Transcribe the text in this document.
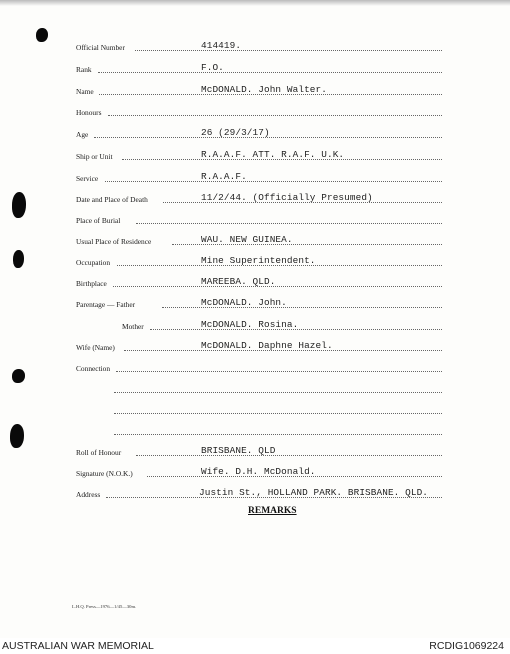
Official Number	414419.
Rank	F.O.
Name	McDONALD. John Walter.
Honours
Age	26 (29/3/17)
Ship or Unit	R.A.A.F. ATT. R.A.F. U.K.
Service	R.A.A.F.
Date and Place of Death	11/2/44. (Officially Presumed)
Place of Burial
Usual Place of Residence	WAU. NEW GUINEA.
Occupation	Mine Superintendent.
Birthplace	MAREEBA. QLD.
Parentage — Father	McDONALD. John.
Mother	McDONALD. Rosina.
Wife (Name)	McDONALD. Daphne Hazel.
Connection
Roll of Honour	BRISBANE. QLD
Signature (N.O.K.)	Wife. D.H. McDonald.
Address	Justin St., HOLLAND PARK. BRISBANE. QLD.
REMARKS
L.H.Q. Press—1976—1/45—30m.
AUSTRALIAN WAR MEMORIAL	RCDIG1069224
